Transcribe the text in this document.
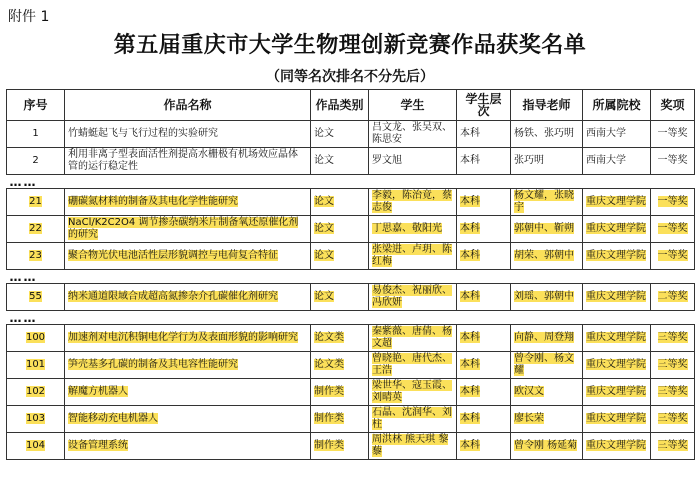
附件 1
第五届重庆市大学生物理创新竞赛作品获奖名单
（同等名次排名不分先后）
序号	作品名称	作品类别	学生	学生层次	指导老师	所属院校	奖项
1	竹蜻蜓起飞与飞行过程的实验研究	论文	吕文龙、张吴双、陈思安	本科	杨铁、张巧明	西南大学	一等奖
2	利用非离子型表面活性剂提高水栅极有机场效应晶体管的运行稳定性	论文	罗文旭	本科	张巧明	西南大学	一等奖
……							
21	硼碳氮材料的制备及其电化学性能研究	论文	李毅，陈治竟，蔡志俊	本科	杨文耀，张晓宇	重庆文理学院	一等奖
22	NaCl/K2C2O4 调节掺杂碳纳米片制备氧还原催化剂的研究	论文	丁思嘉、敬阳光	本科	郭朝中、靳朔	重庆文理学院	一等奖
23	聚合物光伏电池活性层形貌调控与电荷复合特征	论文	张梁进、卢玥、陈红梅	本科	胡荣、郭朝中	重庆文理学院	一等奖
……							
55	纳米通道限域合成超高氮掺杂介孔碳催化剂研究	论文	易俊杰、祝丽欣、冯欣妍	本科	刘瑶、郭朝中	重庆文理学院	二等奖
……							
100	加速剂对电沉积铜电化学行为及表面形貌的影响研究	论文类	秦紫薇、唐倩、杨文超	本科	向静、周登翔	重庆文理学院	三等奖
101	笋壳基多孔碳的制备及其电容性能研究	论文类	曾晓艳、唐代杰、王浩	本科	曾令刚、杨文耀	重庆文理学院	三等奖
102	解魔方机器人	制作类	梁世华、寇玉霞、刘晴英	本科	欧汉文	重庆文理学院	三等奖
103	智能移动充电机器人	制作类	石晶、沈润华、刘柱	本科	廖长荣	重庆文理学院	三等奖
104	设备管理系统	制作类	周洪林 熊天琪 黎藜	本科	曾令刚 杨延菊	重庆文理学院	三等奖
